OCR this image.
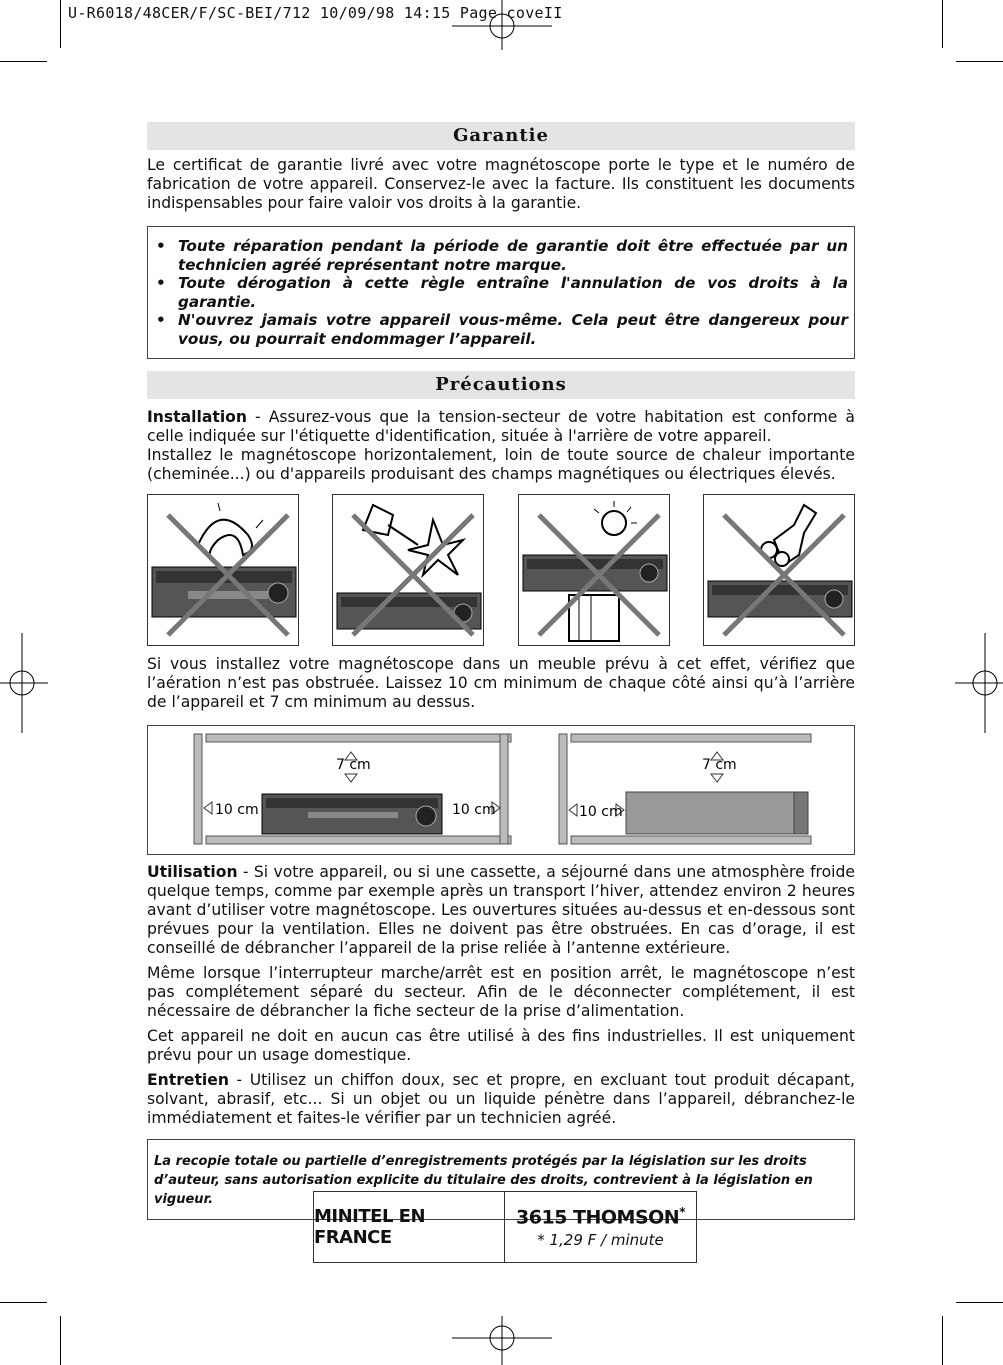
U-R6018/48CER/F/SC-BEI/712 10/09/98 14:15 Page coveII
Garantie

Le certificat de garantie livré avec votre magnétoscope porte le type et le numéro de fabrication de votre appareil. Conservez-le avec la facture. Ils constituent les documents indispensables pour faire valoir vos droits à la garantie.

• Toute réparation pendant la période de garantie doit être effectuée par un technicien agréé représentant notre marque.
• Toute dérogation à cette règle entraîne l'annulation de vos droits à la garantie.
• N'ouvrez jamais votre appareil vous-même. Cela peut être dangereux pour vous, ou pourrait endommager l’appareil.
Précautions

Installation - Assurez-vous que la tension-secteur de votre habitation est conforme à celle indiquée sur l'étiquette d'identification, située à l'arrière de votre appareil.

Installez le magnétoscope horizontalement, loin de toute source de chaleur importante (cheminée...) ou d'appareils produisant des champs magnétiques ou électriques élevés.

Si vous installez votre magnétoscope dans un meuble prévu à cet effet, vérifiez que l’aération n’est pas obstruée. Laissez 10 cm minimum de chaque côté ainsi qu’à l’arrière de l’appareil et 7 cm minimum au dessus.

7 cm	7 cm
10 cm	10 cm	10 cm

Utilisation - Si votre appareil, ou si une cassette, a séjourné dans une atmosphère froide quelque temps, comme par exemple après un transport l’hiver, attendez environ 2 heures avant d’utiliser votre magnétoscope. Les ouvertures situées au-dessus et en-dessous sont prévues pour la ventilation. Elles ne doivent pas être obstruées. En cas d’orage, il est conseillé de débrancher l’appareil de la prise reliée à l’antenne extérieure.

Même lorsque l’interrupteur marche/arrêt est en position arrêt, le magnétoscope n’est pas complétement séparé du secteur. Afin de le déconnecter complétement, il est nécessaire de débrancher la fiche secteur de la prise d’alimentation.

Cet appareil ne doit en aucun cas être utilisé à des fins industrielles. Il est uniquement prévu pour un usage domestique.

Entretien - Utilisez un chiffon doux, sec et propre, en excluant tout produit décapant, solvant, abrasif, etc... Si un objet ou un liquide pénètre dans l’appareil, débranchez-le immédiatement et faites-le vérifier par un technicien agréé.

La recopie totale ou partielle d’enregistrements protégés par la législation sur les droits d’auteur, sans autorisation explicite du titulaire des droits, contrevient à la législation en vigueur.
MINITEL EN FRANCE
3615 THOMSON*
* 1,29 F / minute
